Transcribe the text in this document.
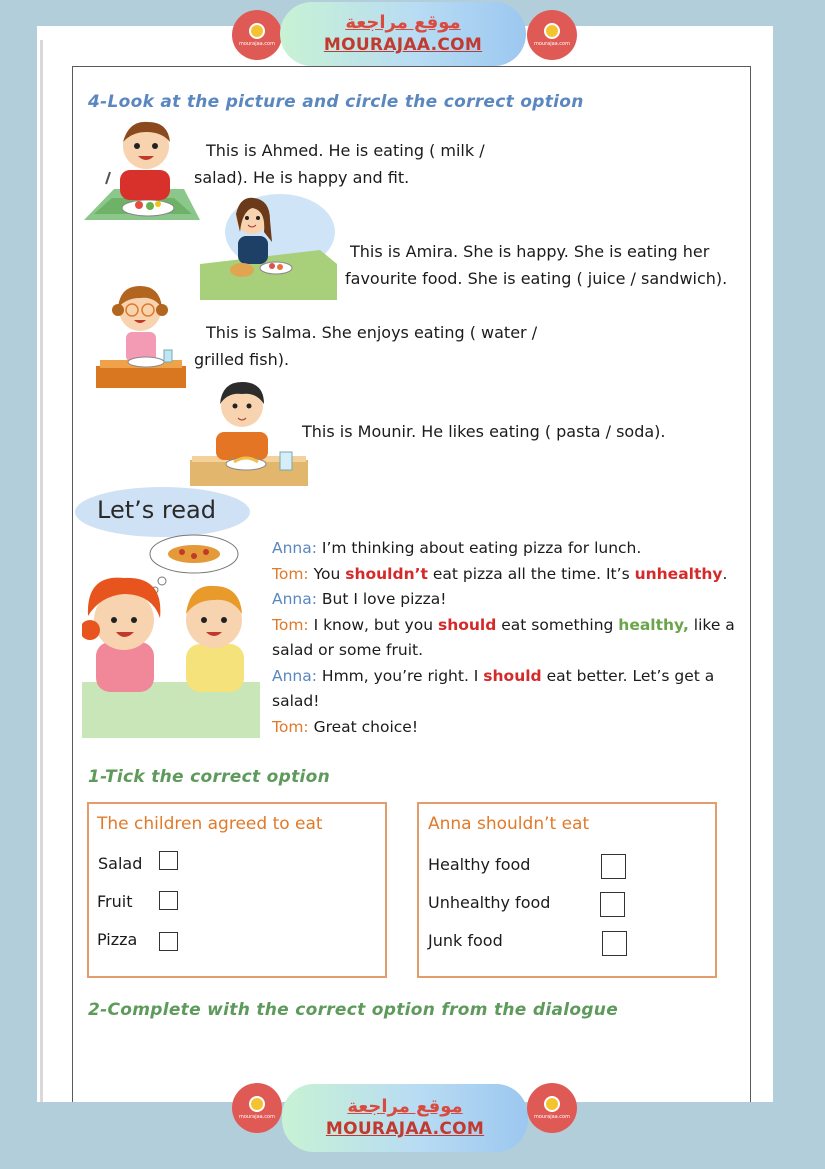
mourajaa.com
موقع مراجعة
MOURAJAA.COM	mourajaa.com
4-Look at the picture and circle the correct option
This is Ahmed. He is eating ( milk /
salad). He is happy and fit.
This is Amira. She is happy. She is eating her
favourite food. She is eating ( juice / sandwich).
This is Salma. She enjoys eating ( water /
grilled fish).
This is Mounir. He likes eating ( pasta / soda).
Let’s read
Anna: I’m thinking about eating pizza for lunch.
Tom: You shouldn’t eat pizza all the time. It’s unhealthy.
Anna: But I love pizza!
Tom: I know, but you should eat something healthy, like a
salad or some fruit.
Anna: Hmm, you’re right. I should eat better. Let’s get a
salad!
Tom: Great choice!
1-Tick the correct option
The children agreed to eat
Salad
Fruit
Pizza
Anna shouldn’t eat
Healthy food
Unhealthy food
Junk food
2-Complete with the correct option from the dialogue
mourajaa.com	موقع مراجعة
MOURAJAA.COM
mourajaa.com
